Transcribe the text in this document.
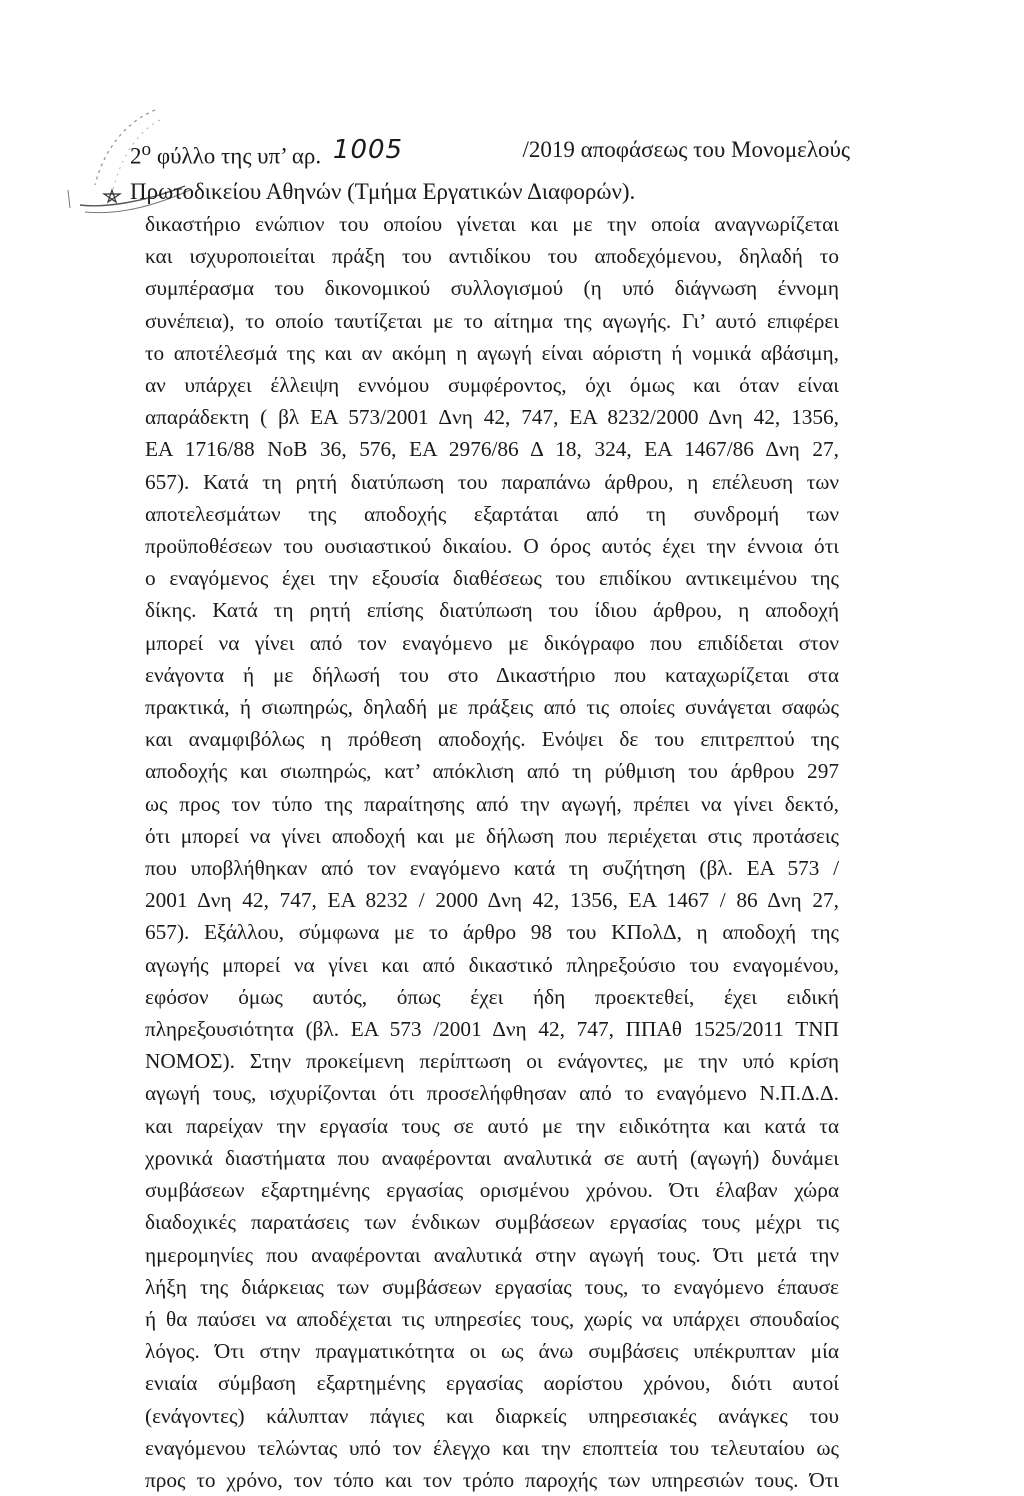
$2^o$ φύλλο της υπ’ αρ. 1005	/2019 αποφάσεως του Μονομελούς
Πρωτοδικείου Αθηνών (Τμήμα Εργατικών Διαφορών).
δικαστήριο ενώπιον του οποίου γίνεται και με την οποία αναγνωρίζεται
και ισχυροποιείται πράξη του αντιδίκου του αποδεχόμενου, δηλαδή το
συμπέρασμα του δικονομικού συλλογισμού (η υπό διάγνωση έννομη
συνέπεια), το οποίο ταυτίζεται με το αίτημα της αγωγής. Γι’ αυτό επιφέρει
το αποτέλεσμά της και αν ακόμη η αγωγή είναι αόριστη ή νομικά αβάσιμη,
αν υπάρχει έλλειψη εννόμου συμφέροντος, όχι όμως και όταν είναι
απαράδεκτη ( βλ ΕΑ 573/2001 Δνη 42, 747, ΕΑ 8232/2000 Δνη 42, 1356,
ΕΑ 1716/88 ΝοΒ 36, 576, ΕΑ 2976/86 Δ 18, 324, ΕΑ 1467/86 Δνη 27,
657). Κατά τη ρητή διατύπωση του παραπάνω άρθρου, η επέλευση των
αποτελεσμάτων της αποδοχής εξαρτάται από τη συνδρομή των
προϋποθέσεων του ουσιαστικού δικαίου. Ο όρος αυτός έχει την έννοια ότι
ο εναγόμενος έχει την εξουσία διαθέσεως του επιδίκου αντικειμένου της
δίκης. Κατά τη ρητή επίσης διατύπωση του ίδιου άρθρου, η αποδοχή
μπορεί να γίνει από τον εναγόμενο με δικόγραφο που επιδίδεται στον
ενάγοντα ή με δήλωσή του στο Δικαστήριο που καταχωρίζεται στα
πρακτικά, ή σιωπηρώς, δηλαδή με πράξεις από τις οποίες συνάγεται σαφώς
και αναμφιβόλως η πρόθεση αποδοχής. Ενόψει δε του επιτρεπτού της
αποδοχής και σιωπηρώς, κατ’ απόκλιση από τη ρύθμιση του άρθρου 297
ως προς τον τύπο της παραίτησης από την αγωγή, πρέπει να γίνει δεκτό,
ότι μπορεί να γίνει αποδοχή και με δήλωση που περιέχεται στις προτάσεις
που υποβλήθηκαν από τον εναγόμενο κατά τη συζήτηση (βλ. ΕΑ 573 /
2001 Δνη 42, 747, ΕΑ 8232 / 2000 Δνη 42, 1356, ΕΑ 1467 / 86 Δνη 27,
657). Εξάλλου, σύμφωνα με το άρθρο 98 του ΚΠολΔ, η αποδοχή της
αγωγής μπορεί να γίνει και από δικαστικό πληρεξούσιο του εναγομένου,
εφόσον όμως αυτός, όπως έχει ήδη προεκτεθεί, έχει ειδική
πληρεξουσιότητα (βλ. ΕΑ 573 /2001 Δνη 42, 747, ΠΠΑθ 1525/2011 ΤΝΠ
ΝΟΜΟΣ). Στην προκείμενη περίπτωση οι ενάγοντες, με την υπό κρίση
αγωγή τους, ισχυρίζονται ότι προσελήφθησαν από το εναγόμενο Ν.Π.Δ.Δ.
και παρείχαν την εργασία τους σε αυτό με την ειδικότητα και κατά τα
χρονικά διαστήματα που αναφέρονται αναλυτικά σε αυτή (αγωγή) δυνάμει
συμβάσεων εξαρτημένης εργασίας ορισμένου χρόνου. Ότι έλαβαν χώρα
διαδοχικές παρατάσεις των ένδικων συμβάσεων εργασίας τους μέχρι τις
ημερομηνίες που αναφέρονται αναλυτικά στην αγωγή τους. Ότι μετά την
λήξη της διάρκειας των συμβάσεων εργασίας τους, το εναγόμενο έπαυσε
ή θα παύσει να αποδέχεται τις υπηρεσίες τους, χωρίς να υπάρχει σπουδαίος
λόγος. Ότι στην πραγματικότητα οι ως άνω συμβάσεις υπέκρυπταν μία
ενιαία σύμβαση εξαρτημένης εργασίας αορίστου χρόνου, διότι αυτοί
(ενάγοντες) κάλυπταν πάγιες και διαρκείς υπηρεσιακές ανάγκες του
εναγόμενου τελώντας υπό τον έλεγχο και την εποπτεία του τελευταίου ως
προς το χρόνο, τον τόπο και τον τρόπο παροχής των υπηρεσιών τους. Ότι
